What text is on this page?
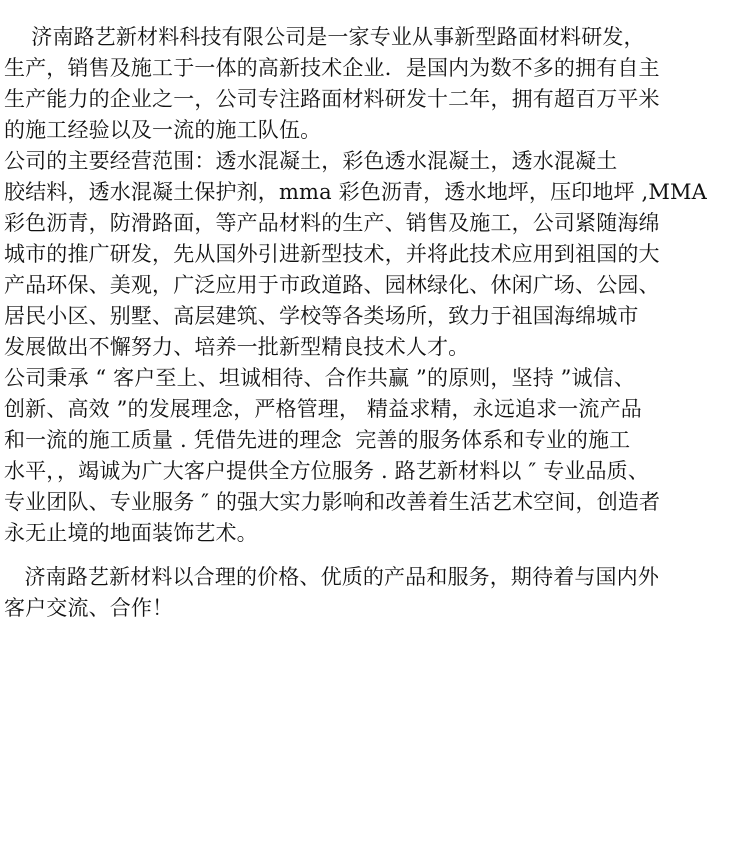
济南路艺新材料科技有限公司是一家专业从事新型路面材料研发，
生产，销售及施工于一体的高新技术企业．是国内为数不多的拥有自主
生产能力的企业之一，公司专注路面材料研发十二年，拥有超百万平米
的施工经验以及一流的施工队伍。
公司的主要经营范围：透水混凝土，彩色透水混凝土，透水混凝土
胶结料，透水混凝土保护剂，mma 彩色沥青，透水地坪，压印地坪 ,MMA
彩色沥青，防滑路面，等产品材料的生产、销售及施工，公司紧随海绵
城市的推广研发，先从国外引进新型技术，并将此技术应用到祖国的大
产品环保、美观，广泛应用于市政道路、园林绿化、休闲广场、公园、
居民小区、别墅、高层建筑、学校等各类场所，致力于祖国海绵城市
发展做出不懈努力、培养一批新型精良技术人才。
公司秉承 “ 客户至上、坦诚相待、合作共赢 ”的原则，坚持 ”诚信、
创新、高效 ”的发展理念，严格管理， 精益求精，永远追求一流产品
和一流的施工质量 . 凭借先进的理念  完善的服务体系和专业的施工
水平，，竭诚为广大客户提供全方位服务 . 路艺新材料以 ″ 专业品质、
专业团队、专业服务 ″ 的强大实力影响和改善着生活艺术空间，创造者
永无止境的地面装饰艺术。
济南路艺新材料以合理的价格、优质的产品和服务，期待着与国内外
客户交流、合作！
